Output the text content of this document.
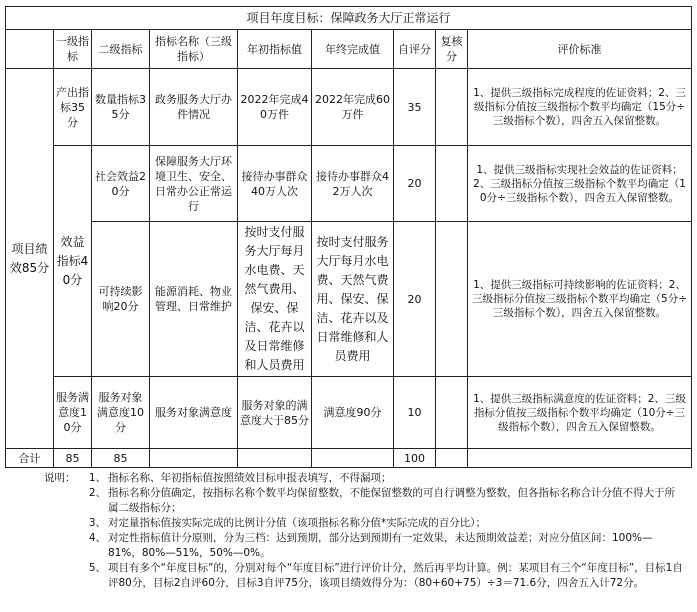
项目年度目标：保障政务大厅正常运行								
	一级指标	二级指标	指标名称（三级指标）	年初指标值	年终完成值	自评分	复核分	评价标准
项目绩效85分	产出指标35分	数量指标35分	政务服务大厅办件情况	2022年完成40万件	2022年完成60万件	35		1、提供三级指标完成程度的佐证资料；2、三级指标分值按三级指标个数平均确定（15分÷三级指标个数），四舍五入保留整数。
	效益指标40分	社会效益20分	保障服务大厅环境卫生、安全、日常办公正常运行	接待办事群众40万人次	接待办事群众42万人次	20		1、提供三级指标实现社会效益的佐证资料；2、三级指标分值按三级指标个数平均确定（10分÷三级指标个数），四舍五入保留整数。
		可持续影响20分	能源消耗、物业管理、日常维护	按时支付服务大厅每月水电费、天然气费用、保安、保洁、花卉以及日常维修和人员费用	按时支付服务大厅每月水电费、天然气费用、保安、保洁、花卉以及日常维修和人员费用	20		1、提供三级指标可持续影响的佐证资料；2、三级指标分值按三级指标个数平均确定（5分÷三级指标个数），四舍五入保留整数。
	服务满意度10分	服务对象满意度10分	服务对象满意度	服务对象的满意度大于85分	满意度90分	10		1、提供三级指标满意度的佐证资料；2、三级指标分值按三级指标个数平均确定（10分÷三级指标个数），四舍五入保留整数。
合计	85	85				100		
说明：	1、 指标名称、年初指标值按照绩效目标申报表填写，不得漏项；
2、 指标名称分值确定，按指标名称个数平均保留整数，不能保留整数的可自行调整为整数，但各指标名称合计分值不得大于所属二级指标分；
3、 对定量指标值按实际完成的比例计分值（该项指标名称分值*实际完成的百分比）；
4、 对定性指标值计分原则，分为三档：达到预期，部分达到预期有一定效果，未达预期效益差；对应分值区间：100%—81%，80%—51%，50%—0%。
5、 项目有多个“年度目标”的，分别对每个“年度目标”进行评价计分，然后再平均计算。例：某项目有三个“年度目标”，目标1自评80分，目标2自评60分，目标3自评75分，该项目绩效得分为：（80+60+75）÷3＝71.6分，四舍五入计72分。
